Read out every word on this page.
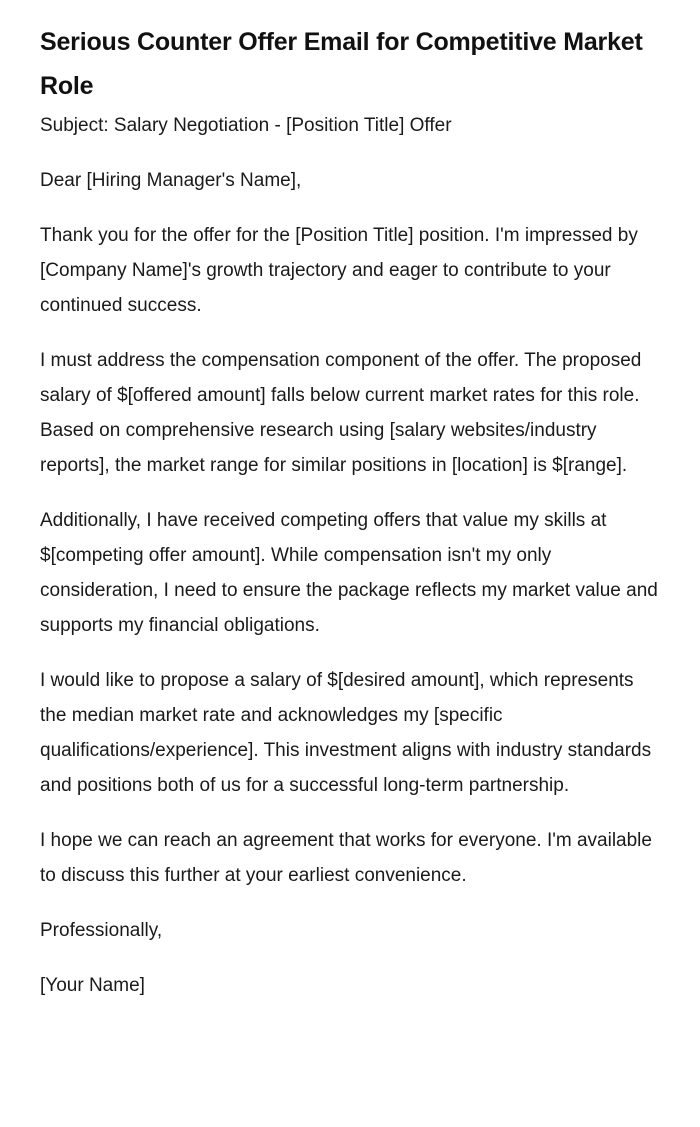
Serious Counter Offer Email for Competitive Market Role

Subject: Salary Negotiation - [Position Title] Offer

Dear [Hiring Manager's Name],

Thank you for the offer for the [Position Title] position. I'm impressed by [Company Name]'s growth trajectory and eager to contribute to your continued success.

I must address the compensation component of the offer. The proposed salary of $[offered amount] falls below current market rates for this role. Based on comprehensive research using [salary websites/industry reports], the market range for similar positions in [location] is $[range].

Additionally, I have received competing offers that value my skills at $[competing offer amount]. While compensation isn't my only consideration, I need to ensure the package reflects my market value and supports my financial obligations.

I would like to propose a salary of $[desired amount], which represents the median market rate and acknowledges my [specific qualifications/experience]. This investment aligns with industry standards and positions both of us for a successful long-term partnership.

I hope we can reach an agreement that works for everyone. I'm available to discuss this further at your earliest convenience.

Professionally,

[Your Name]
